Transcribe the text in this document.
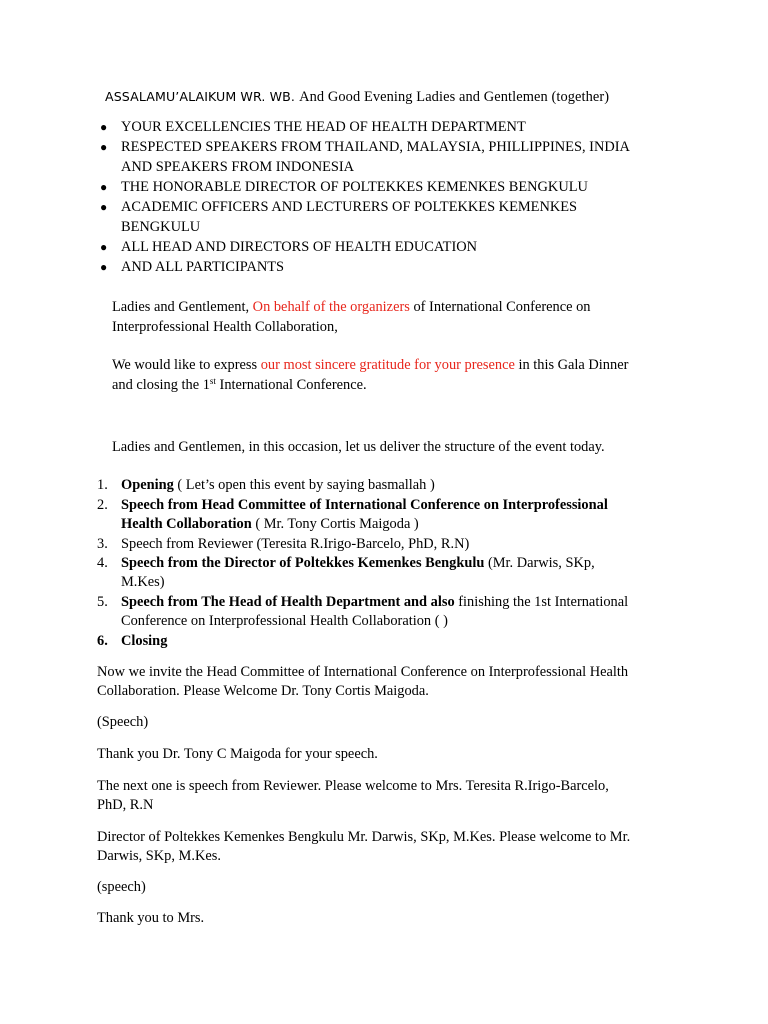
ASSALAMU’ALAIKUM WR. WB. And Good Evening Ladies and Gentlemen (together)
● YOUR EXCELLENCIES THE HEAD OF HEALTH DEPARTMENT
● RESPECTED SPEAKERS FROM THAILAND, MALAYSIA, PHILLIPPINES, INDIA
AND SPEAKERS FROM INDONESIA
● THE HONORABLE DIRECTOR OF POLTEKKES KEMENKES BENGKULU
● ACADEMIC OFFICERS AND LECTURERS OF POLTEKKES KEMENKES
BENGKULU
● ALL HEAD AND DIRECTORS OF HEALTH EDUCATION
● AND ALL PARTICIPANTS
Ladies and Gentlement, On behalf of the organizers of International Conference on
Interprofessional Health Collaboration,
We would like to express our most sincere gratitude for your presence in this Gala Dinner
and closing the 1st International Conference.
Ladies and Gentlemen, in this occasion, let us deliver the structure of the event today.
1. Opening ( Let’s open this event by saying basmallah )
2. Speech from Head Committee of International Conference on Interprofessional
Health Collaboration ( Mr. Tony Cortis Maigoda )
3. Speech from Reviewer (Teresita R.Irigo-Barcelo, PhD, R.N)
4. Speech from the Director of Poltekkes Kemenkes Bengkulu (Mr. Darwis, SKp,
M.Kes)
5. Speech from The Head of Health Department and also finishing the 1st International
Conference on Interprofessional Health Collaboration ( )
6. Closing
Now we invite the Head Committee of International Conference on Interprofessional Health
Collaboration. Please Welcome Dr. Tony Cortis Maigoda.
(Speech)
Thank you Dr. Tony C Maigoda for your speech.
The next one is speech from Reviewer. Please welcome to Mrs. Teresita R.Irigo-Barcelo,
PhD, R.N
Director of Poltekkes Kemenkes Bengkulu Mr. Darwis, SKp, M.Kes. Please welcome to Mr.
Darwis, SKp, M.Kes.
(speech)
Thank you to Mrs.
